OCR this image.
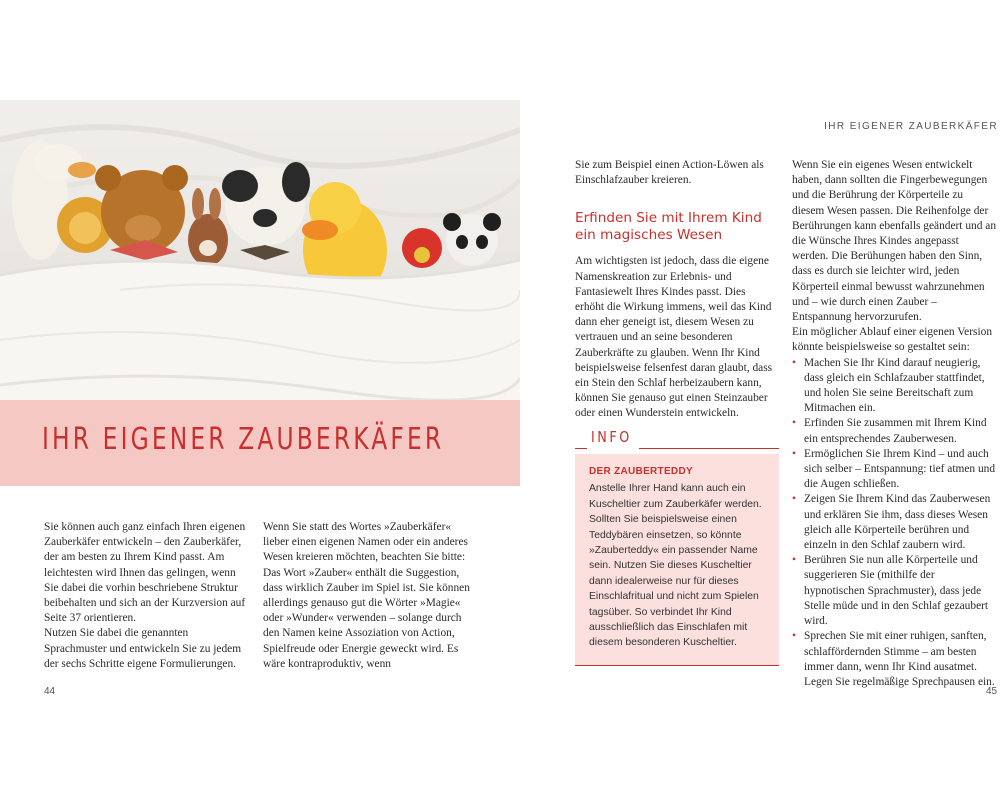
IHR EIGENER ZAUBERKÄFER

Sie können auch ganz einfach Ihren eigenen Zauberkäfer entwickeln – den Zauberkäfer, der am besten zu Ihrem Kind passt. Am leichtesten wird Ihnen das gelingen, wenn Sie dabei die vorhin beschriebene Struktur beibehalten und sich an der Kurzversion auf Seite 37 orientieren.

Nutzen Sie dabei die genannten Sprachmuster und entwickeln Sie zu jedem der sechs Schritte eigene Formulierungen.

Wenn Sie statt des Wortes »Zauberkäfer« lieber einen eigenen Namen oder ein anderes Wesen kreieren möchten, beachten Sie bitte: Das Wort »Zauber« enthält die Suggestion, dass wirklich Zauber im Spiel ist. Sie können allerdings genauso gut die Wörter »Magie« oder »Wunder« verwenden – solange durch den Namen keine Assoziation von Action, Spielfreude oder Energie geweckt wird. Es wäre kontraproduktiv, wenn

44
IHR EIGENER ZAUBERKÄFER

Sie zum Beispiel einen Action-Löwen als Einschlafzauber kreieren.

Erfinden Sie mit Ihrem Kind ein magisches Wesen

Am wichtigsten ist jedoch, dass die eigene Namenskreation zur Erlebnis- und Fantasiewelt Ihres Kindes passt. Dies erhöht die Wirkung immens, weil das Kind dann eher geneigt ist, diesem Wesen zu vertrauen und an seine besonderen Zauberkräfte zu glauben. Wenn Ihr Kind beispielsweise felsenfest daran glaubt, dass ein Stein den Schlaf herbeizaubern kann, können Sie genauso gut einen Steinzauber oder einen Wunderstein entwickeln.

INFO
DER ZAUBERTEDDY
Anstelle Ihrer Hand kann auch ein Kuscheltier zum Zauberkäfer werden. Sollten Sie beispielsweise einen Teddybären einsetzen, so könnte »Zauberteddy« ein passender Name sein. Nutzen Sie dieses Kuscheltier dann idealerweise nur für dieses Einschlafritual und nicht zum Spielen tagsüber. So verbindet Ihr Kind ausschließlich das Einschlafen mit diesem besonderen Kuscheltier.

Wenn Sie ein eigenes Wesen entwickelt haben, dann sollten die Fingerbewegungen und die Berührung der Körperteile zu diesem Wesen passen. Die Reihenfolge der Berührungen kann ebenfalls geändert und an die Wünsche Ihres Kindes angepasst werden. Die Berühungen haben den Sinn, dass es durch sie leichter wird, jeden Körperteil einmal bewusst wahrzunehmen und – wie durch einen Zauber – Entspannung hervorzurufen.

Ein möglicher Ablauf einer eigenen Version könnte beispielsweise so gestaltet sein:

• Machen Sie Ihr Kind darauf neugierig, dass gleich ein Schlafzauber stattfindet, und holen Sie seine Bereitschaft zum Mitmachen ein.
• Erfinden Sie zusammen mit Ihrem Kind ein entsprechendes Zauberwesen.
• Ermöglichen Sie Ihrem Kind – und auch sich selber – Entspannung: tief atmen und die Augen schließen.
• Zeigen Sie Ihrem Kind das Zauberwesen und erklären Sie ihm, dass dieses Wesen gleich alle Körperteile berühren und einzeln in den Schlaf zaubern wird.
• Berühren Sie nun alle Körperteile und suggerieren Sie (mithilfe der hypnotischen Sprachmuster), dass jede Stelle müde und in den Schlaf gezaubert wird.
• Sprechen Sie mit einer ruhigen, sanften, schlaffördernden Stimme – am besten immer dann, wenn Ihr Kind ausatmet. Legen Sie regelmäßige Sprechpausen ein.
45
